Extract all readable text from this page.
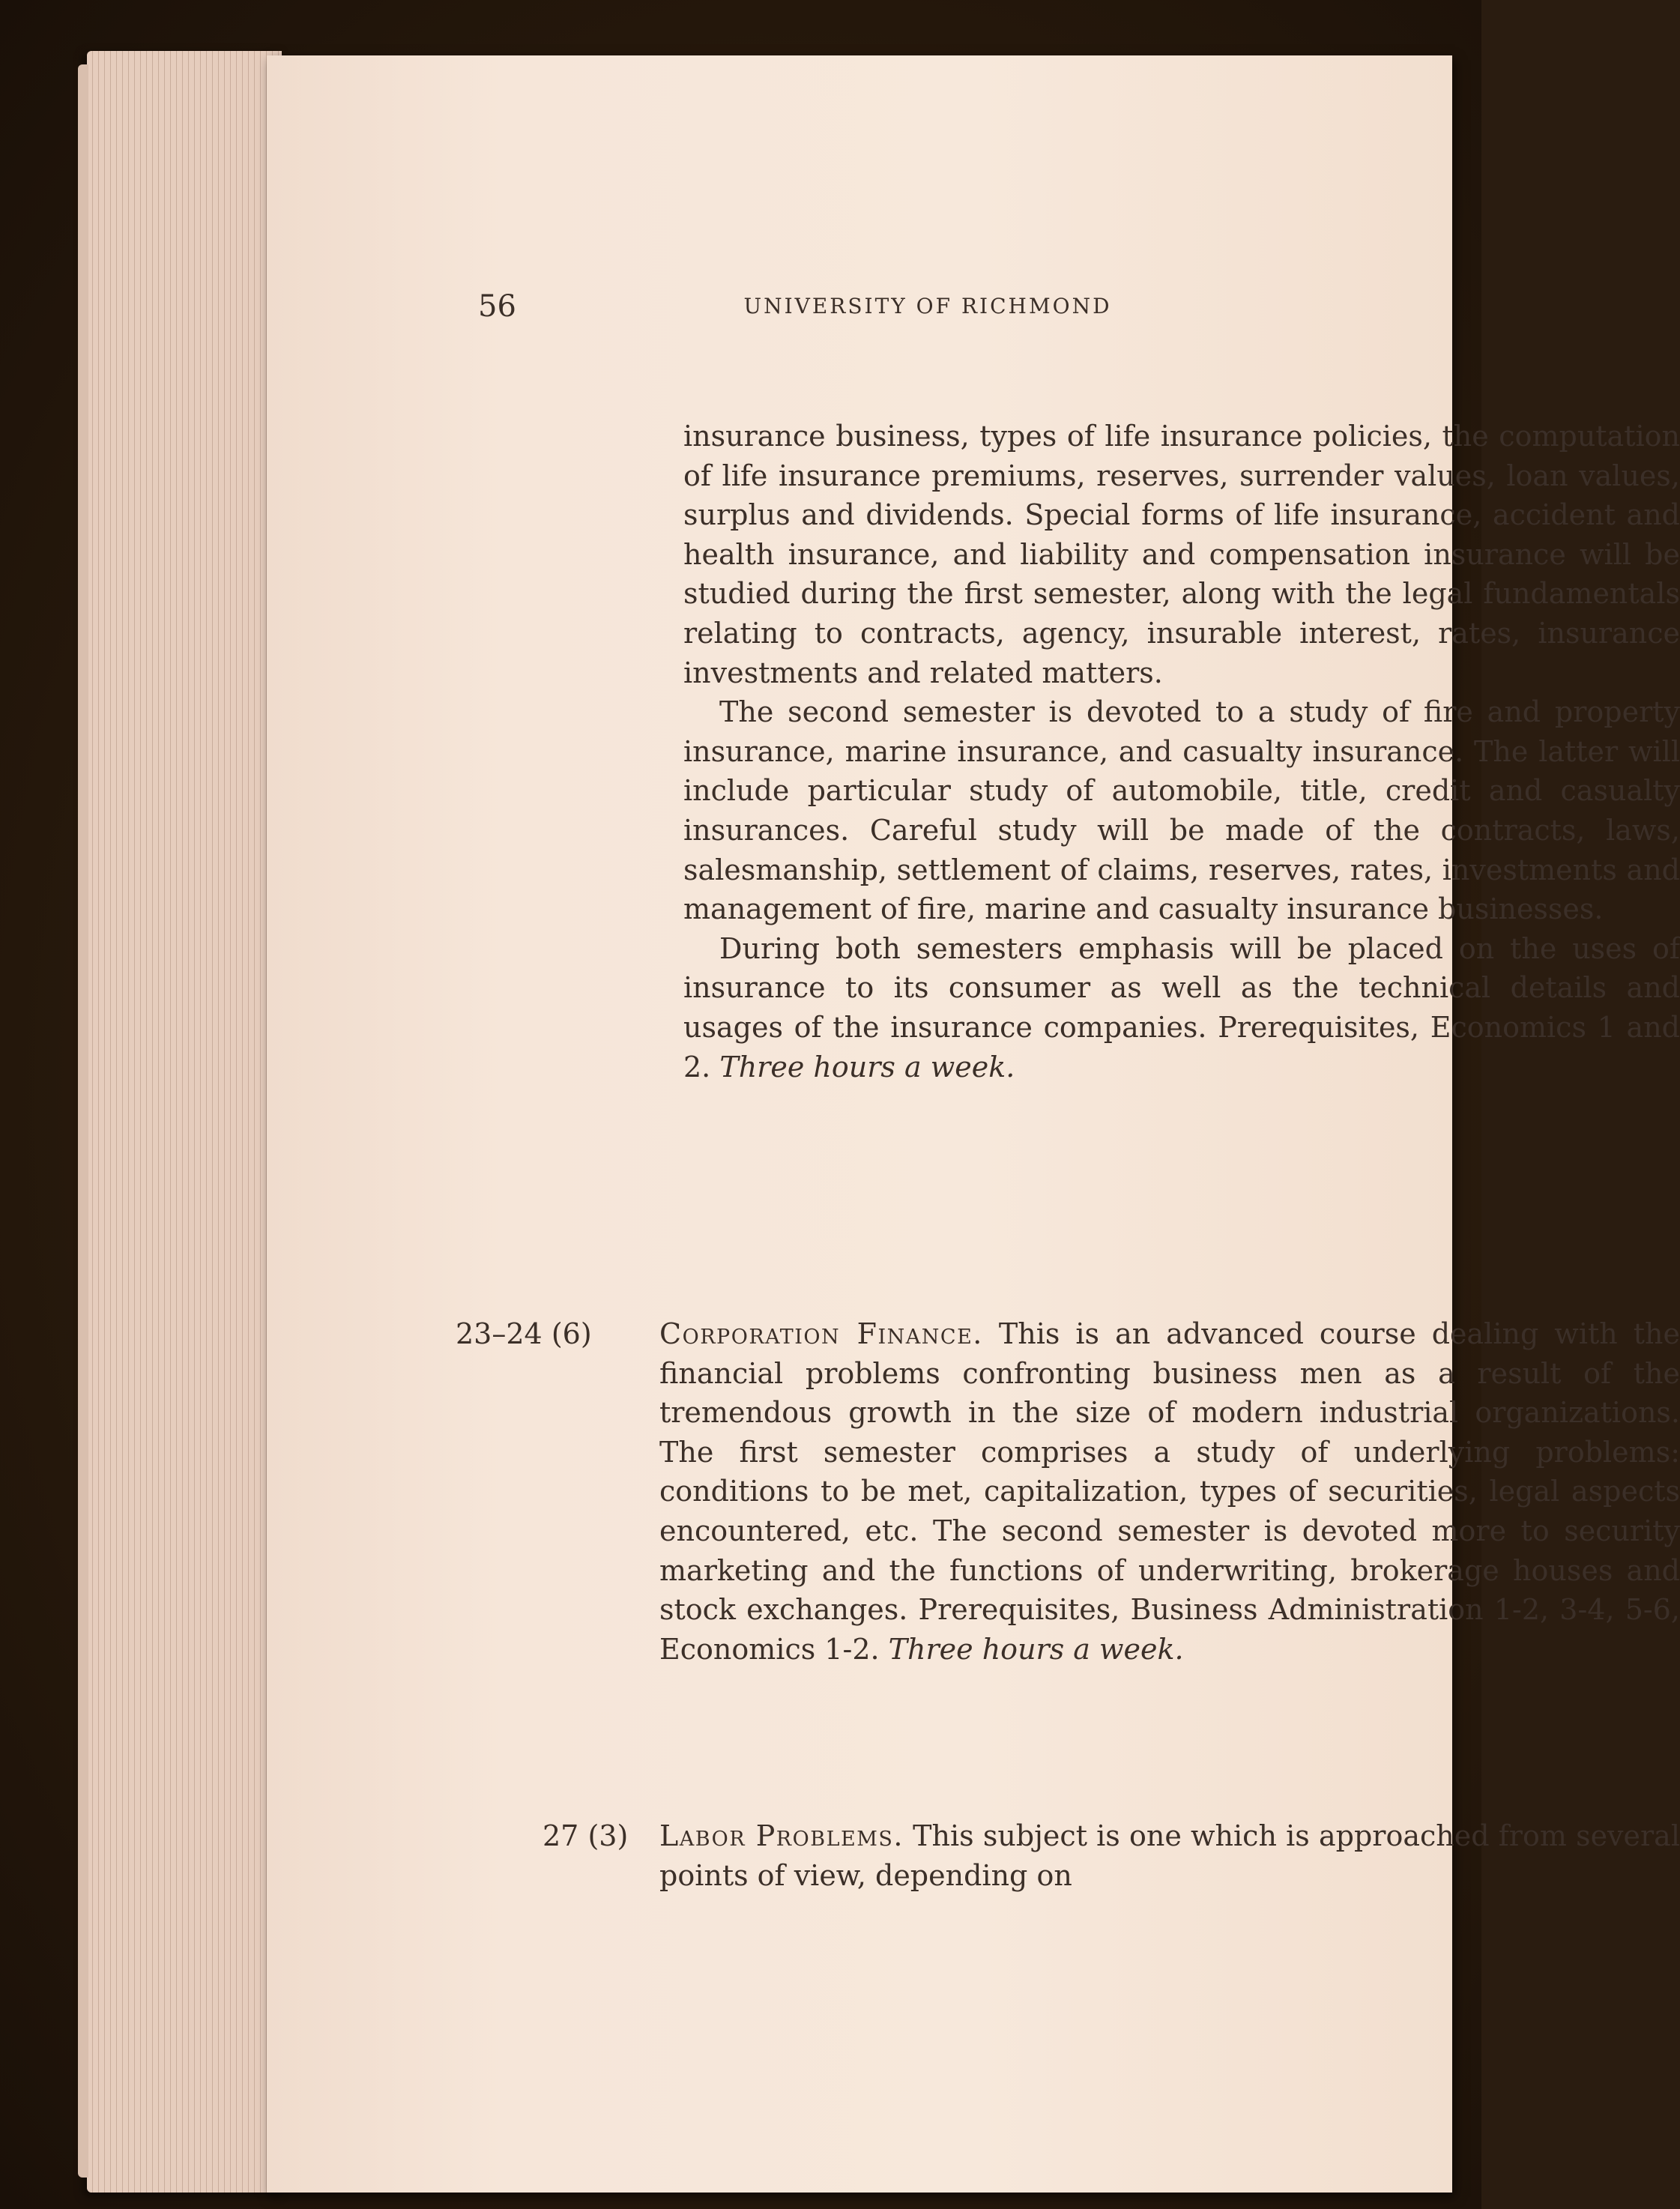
56	UNIVERSITY OF RICHMOND

insurance business, types of life insurance policies, the computation of life insurance premiums, reserves, surrender values, loan values, surplus and dividends. Special forms of life insurance, accident and health insurance, and liability and compensation insurance will be studied during the first semester, along with the legal fundamentals relating to contracts, agency, insurable interest, rates, insurance investments and related matters.

The second semester is devoted to a study of fire and property insurance, marine insurance, and casualty insurance. The latter will include particular study of automobile, title, credit and casualty insurances. Careful study will be made of the contracts, laws, salesmanship, settlement of claims, reserves, rates, investments and management of fire, marine and casualty insurance businesses.

During both semesters emphasis will be placed on the uses of insurance to its consumer as well as the technical details and usages of the insurance companies. Prerequisites, Economics 1 and 2. Three hours a week.

23–24 (6) Corporation Finance. This is an advanced course dealing with the financial problems confronting business men as a result of the tremendous growth in the size of modern industrial organizations. The first semester comprises a study of underlying problems: conditions to be met, capitalization, types of securities, legal aspects encountered, etc. The second semester is devoted more to security marketing and the functions of underwriting, brokerage houses and stock exchanges. Prerequisites, Business Administration 1-2, 3-4, 5-6, Economics 1-2. Three hours a week.

27 (3) Labor Problems. This subject is one which is approached from several points of view, depending on
